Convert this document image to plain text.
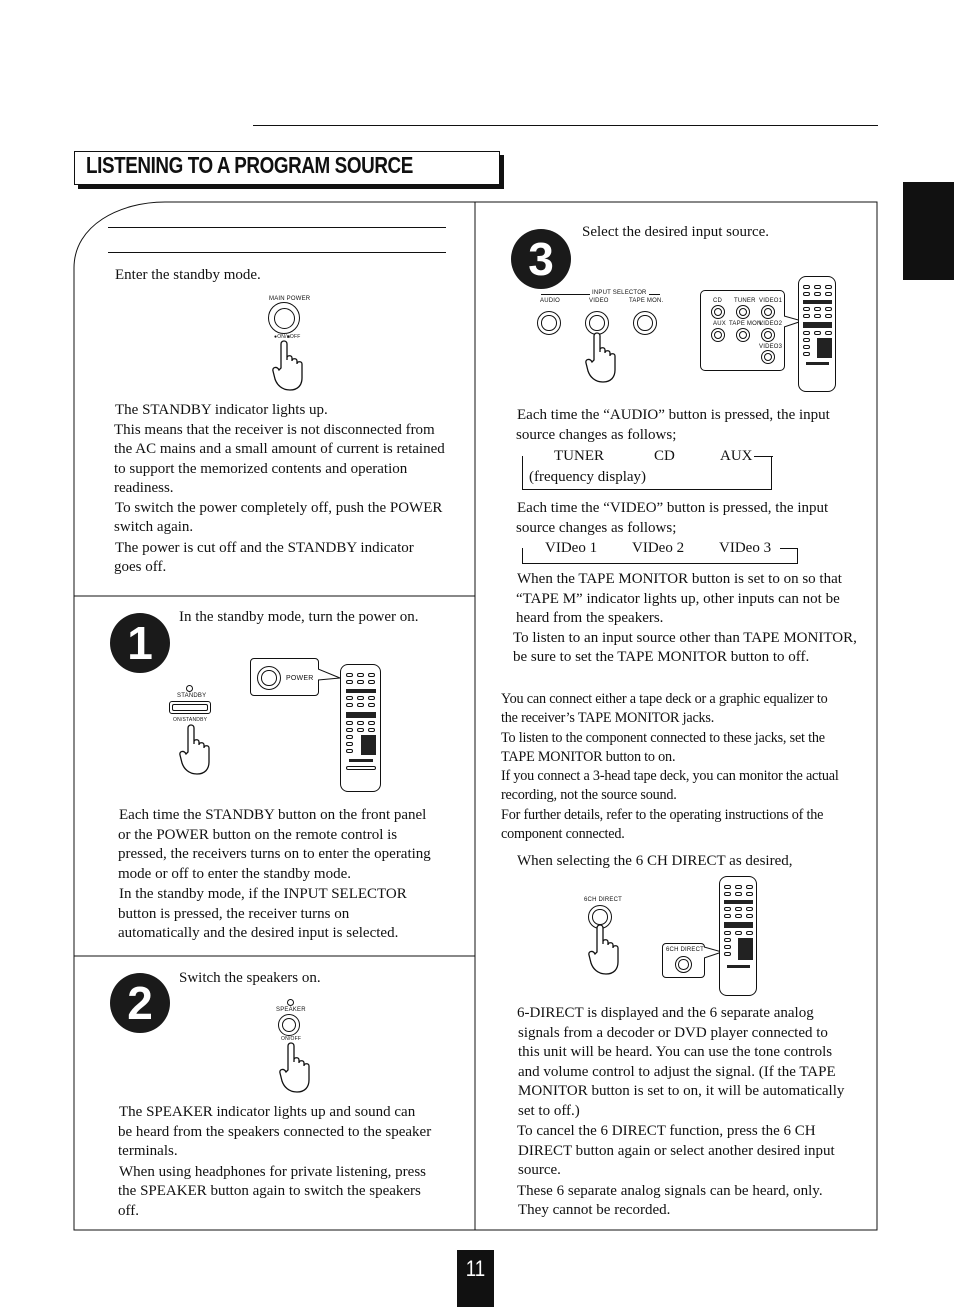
LISTENING TO A PROGRAM SOURCE
Enter the standby mode.
MAIN POWER
●ON/■OFF
The STANDBY indicator lights up.
This means that the receiver is not disconnected from
the AC mains and a small amount of current is retained
to support the memorized contents and operation
readiness.
To switch the power completely off, push the POWER
switch again.
The power is cut off and the STANDBY indicator
goes off.
1	In the standby mode, turn the power on.
STANDBY
ON/STANDBY
POWER
Each time the STANDBY button on the front panel
or the POWER button on the remote control is
pressed, the receivers turns on to enter the operating
mode or off to enter the standby mode.
In the standby mode, if the INPUT SELECTOR
button is pressed, the receiver turns on
automatically and the desired input is selected.
2	Switch the speakers on.
SPEAKER
ON/OFF
The SPEAKER indicator lights up and sound can
be heard from the speakers connected to the speaker
terminals.
When using headphones for private listening, press
the SPEAKER button again to switch the speakers
off.
3
Select the desired input source.
INPUT SELECTOR
AUDIO	VIDEO	TAPE MON.	CD TUNER VIDEO1
AUX TAPE MON.
VIDEO2
VIDEO3
Each time the “AUDIO” button is pressed, the input
source changes as follows;
TUNER	CD	AUX
(frequency display)
Each time the “VIDEO” button is pressed, the input
source changes as follows;
VIDeo 1 VIDeo 2 VIDeo 3
When the TAPE MONITOR button is set to on so that
“TAPE M” indicator lights up, other inputs can not be
heard from the speakers.
To listen to an input source other than TAPE MONITOR,
be sure to set the TAPE MONITOR button to off.
You can connect either a tape deck or a graphic equalizer to
the receiver’s TAPE MONITOR jacks.
To listen to the component connected to these jacks, set the
TAPE MONITOR button to on.
If you connect a 3-head tape deck, you can monitor the actual
recording, not the source sound.
For further details, refer to the operating instructions of the
component connected.
When selecting the 6 CH DIRECT as desired,
6CH DIRECT
6CH DIRECT
6-DIRECT is displayed and the 6 separate analog
signals from a decoder or DVD player connected to
this unit will be heard. You can use the tone controls
and volume control to adjust the signal. (If the TAPE
MONITOR button is set to on, it will be automatically
set to off.)
To cancel the 6 DIRECT function, press the 6 CH
DIRECT button again or select another desired input
source.
These 6 separate analog signals can be heard, only.
They cannot be recorded.
11
